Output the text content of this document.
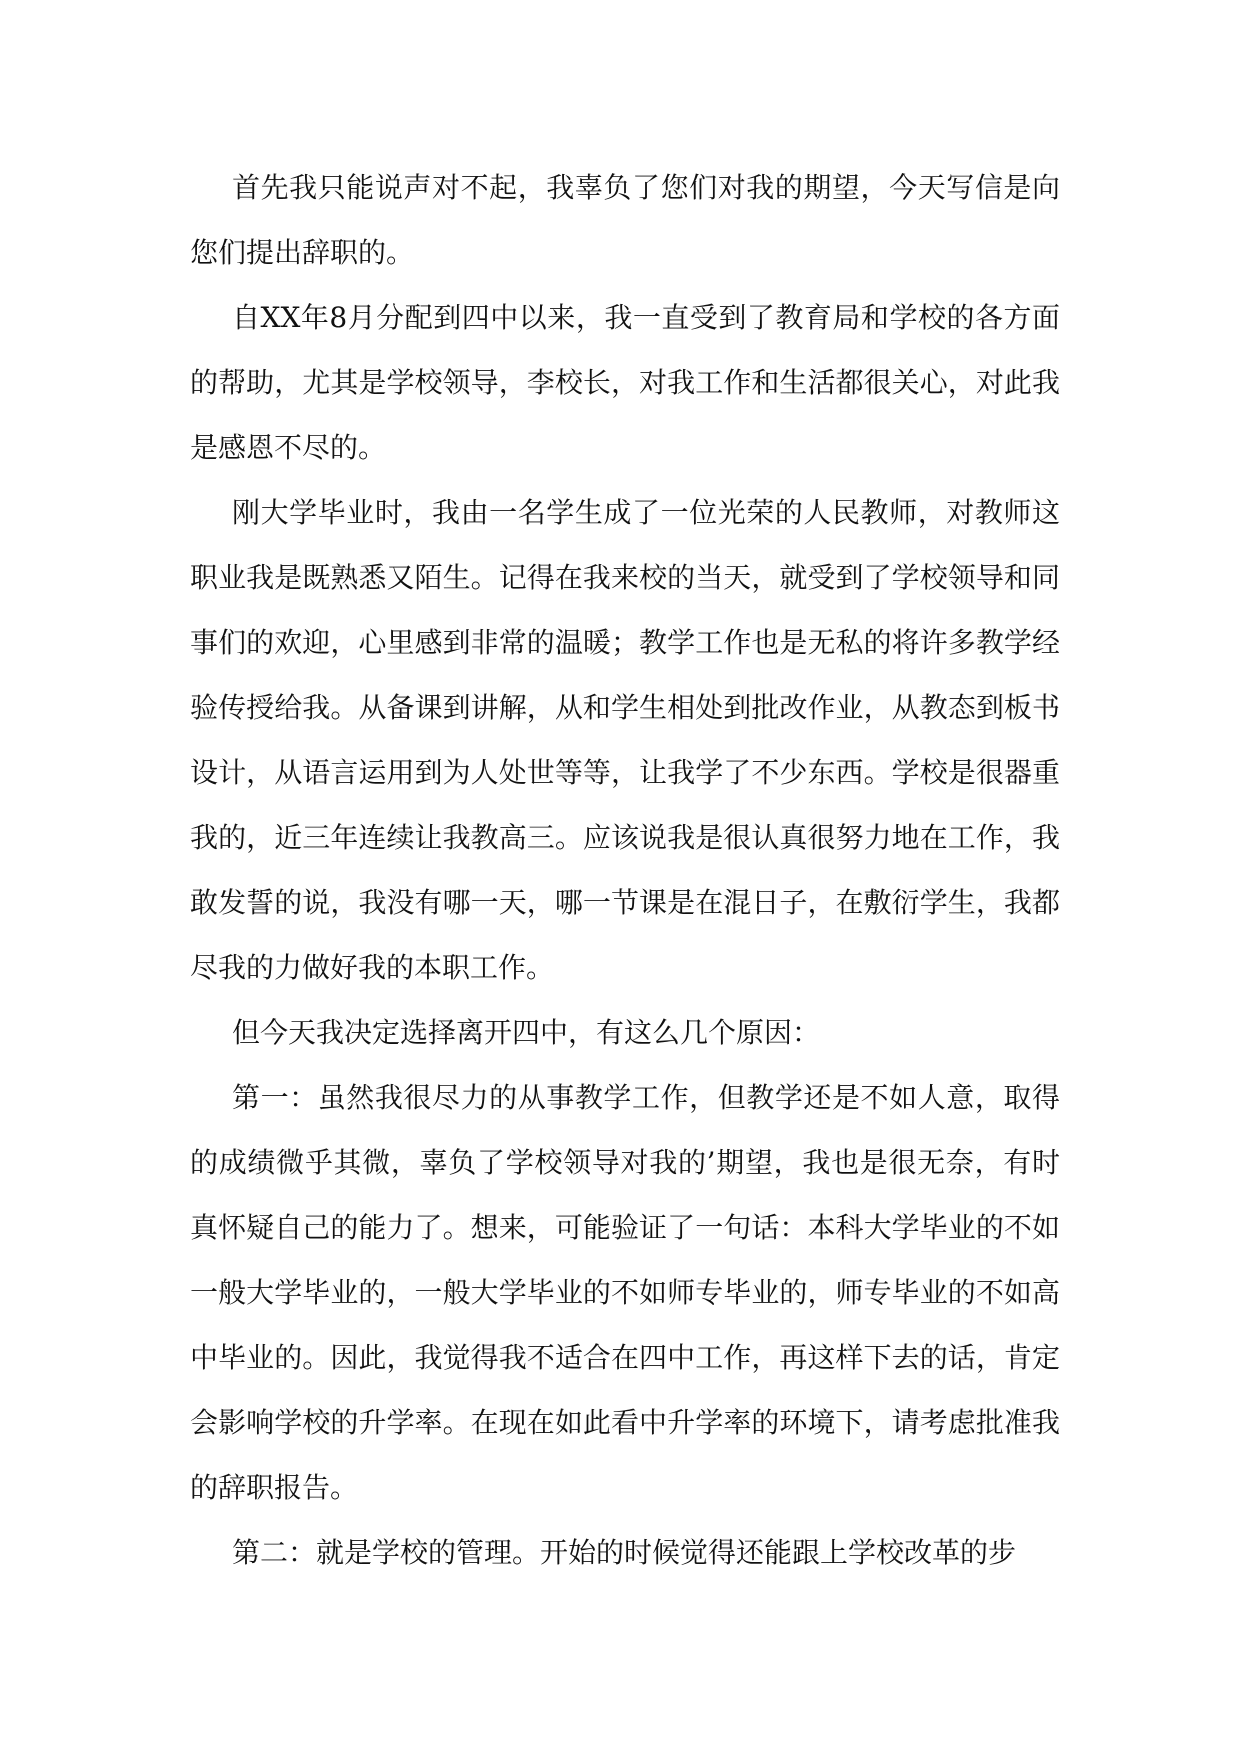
首先我只能说声对不起，我辜负了您们对我的期望，今天写信是向您们提出辞职的。

自XX年8月分配到四中以来，我一直受到了教育局和学校的各方面的帮助，尤其是学校领导，李校长，对我工作和生活都很关心，对此我是感恩不尽的。

刚大学毕业时，我由一名学生成了一位光荣的人民教师，对教师这职业我是既熟悉又陌生。记得在我来校的当天，就受到了学校领导和同事们的欢迎，心里感到非常的温暖；教学工作也是无私的将许多教学经验传授给我。从备课到讲解，从和学生相处到批改作业，从教态到板书设计，从语言运用到为人处世等等，让我学了不少东西。学校是很器重我的，近三年连续让我教高三。应该说我是很认真很努力地在工作，我敢发誓的说，我没有哪一天，哪一节课是在混日子，在敷衍学生，我都尽我的力做好我的本职工作。

但今天我决定选择离开四中，有这么几个原因：

第一：虽然我很尽力的从事教学工作，但教学还是不如人意，取得的成绩微乎其微，辜负了学校领导对我的’期望，我也是很无奈，有时真怀疑自己的能力了。想来，可能验证了一句话：本科大学毕业的不如一般大学毕业的，一般大学毕业的不如师专毕业的，师专毕业的不如高中毕业的。因此，我觉得我不适合在四中工作，再这样下去的话，肯定会影响学校的升学率。在现在如此看中升学率的环境下，请考虑批准我的辞职报告。

第二：就是学校的管理。开始的时候觉得还能跟上学校改革的步
